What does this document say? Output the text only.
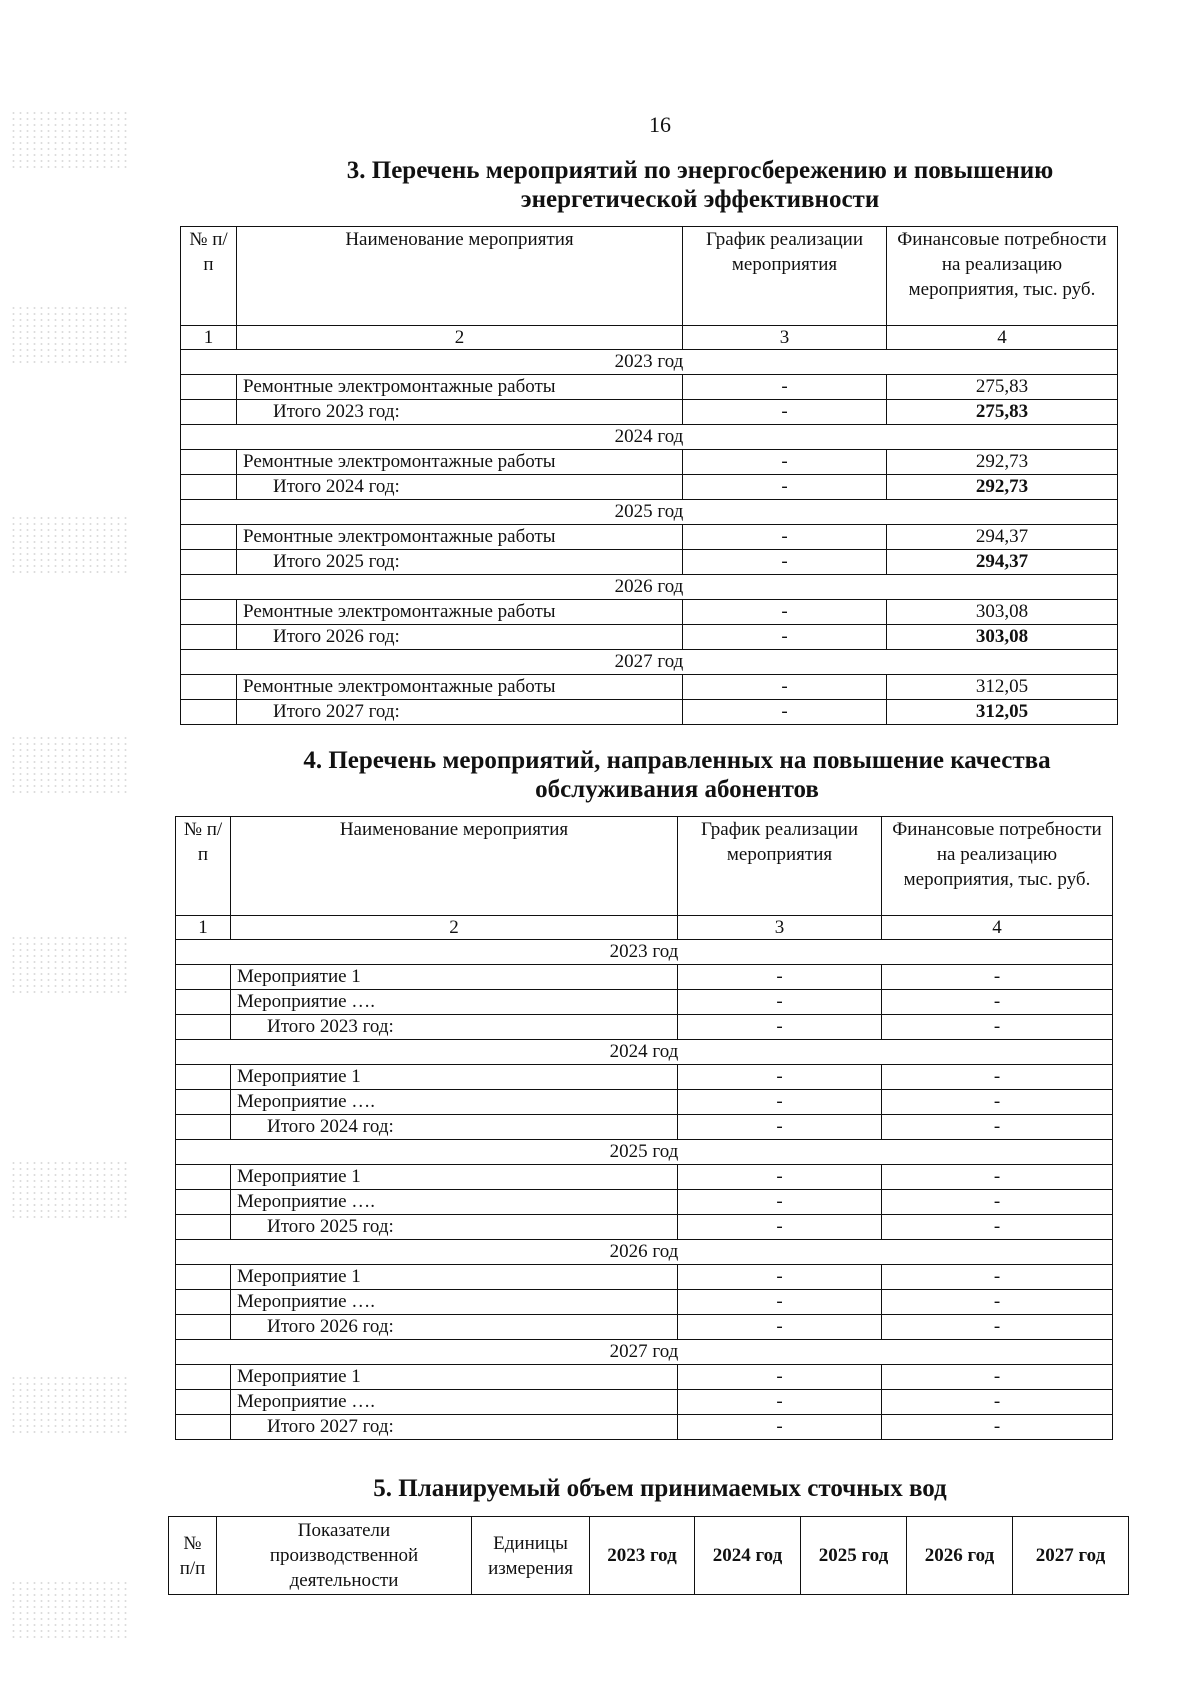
16
3. Перечень мероприятий по энергосбережению и повышению
энергетической эффективности
№ п/п	Наименование мероприятия	График реализации мероприятия	Финансовые потребности на реализацию мероприятия, тыс. руб.
1	2	3	4
2023 год			
	Ремонтные электромонтажные работы	-	275,83
	Итого 2023 год:	-	275,83
2024 год			
	Ремонтные электромонтажные работы	-	292,73
	Итого 2024 год:	-	292,73
2025 год			
	Ремонтные электромонтажные работы	-	294,37
	Итого 2025 год:	-	294,37
2026 год			
	Ремонтные электромонтажные работы	-	303,08
	Итого 2026 год:	-	303,08
2027 год			
	Ремонтные электромонтажные работы	-	312,05
	Итого 2027 год:	-	312,05
4. Перечень мероприятий, направленных на повышение качества
обслуживания абонентов
№ п/п	Наименование мероприятия	График реализации мероприятия	Финансовые потребности на реализацию мероприятия, тыс. руб.
1	2	3	4
2023 год			
	Мероприятие 1	-	-
	Мероприятие ….	-	-
	Итого 2023 год:	-	-
2024 год			
	Мероприятие 1	-	-
	Мероприятие ….	-	-
	Итого 2024 год:	-	-
2025 год			
	Мероприятие 1	-	-
	Мероприятие ….	-	-
	Итого 2025 год:	-	-
2026 год			
	Мероприятие 1	-	-
	Мероприятие ….	-	-
	Итого 2026 год:	-	-
2027 год			
	Мероприятие 1	-	-
	Мероприятие ….	-	-
	Итого 2027 год:	-	-
5. Планируемый объем принимаемых сточных вод
№ п/п	Показатели производственной деятельности	Единицы измерения	2023 год	2024 год	2025 год	2026 год	2027 год
